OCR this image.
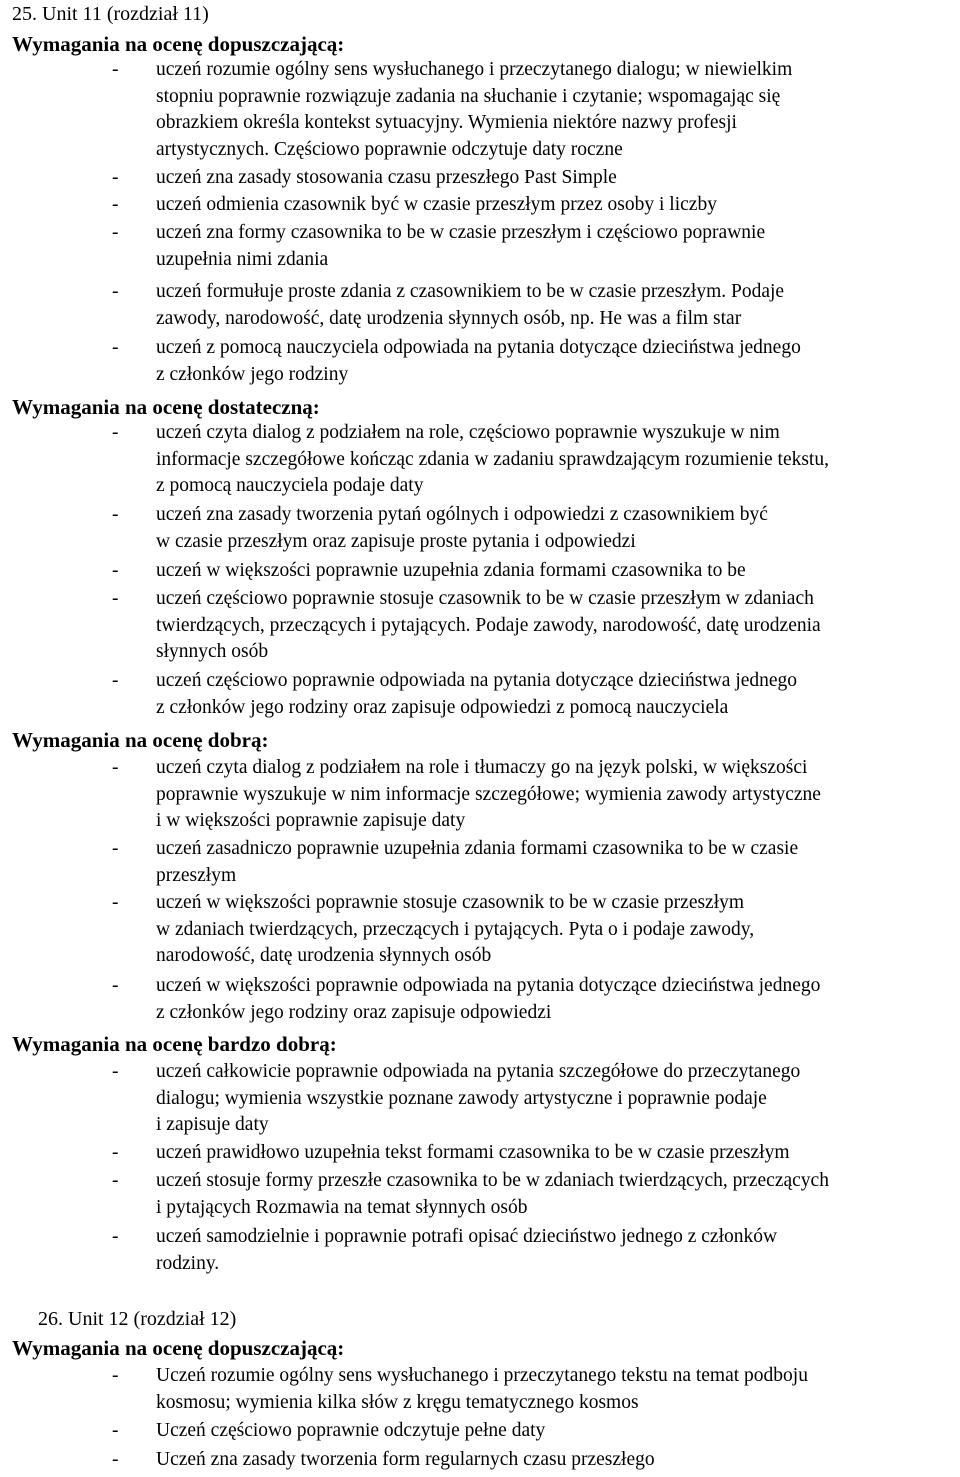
25. Unit 11 (rozdział 11)
Wymagania na ocenę dopuszczającą:
- uczeń rozumie ogólny sens wysłuchanego i przeczytanego dialogu; w niewielkim
stopniu poprawnie rozwiązuje zadania na słuchanie i czytanie; wspomagając się
obrazkiem określa kontekst sytuacyjny. Wymienia niektóre nazwy profesji
artystycznych. Częściowo poprawnie odczytuje daty roczne
- uczeń zna zasady stosowania czasu przeszłego Past Simple
- uczeń odmienia czasownik być w czasie przeszłym przez osoby i liczby
- uczeń zna formy czasownika to be w czasie przeszłym i częściowo poprawnie
uzupełnia nimi zdania
- uczeń formułuje proste zdania z czasownikiem to be w czasie przeszłym. Podaje
zawody, narodowość, datę urodzenia słynnych osób, np. He was a film star
- uczeń z pomocą nauczyciela odpowiada na pytania dotyczące dzieciństwa jednego
z członków jego rodziny
Wymagania na ocenę dostateczną:
- uczeń czyta dialog z podziałem na role, częściowo poprawnie wyszukuje w nim
informacje szczegółowe kończąc zdania w zadaniu sprawdzającym rozumienie tekstu,
z pomocą nauczyciela podaje daty
- uczeń zna zasady tworzenia pytań ogólnych i odpowiedzi z czasownikiem być
w czasie przeszłym oraz zapisuje proste pytania i odpowiedzi
- uczeń w większości poprawnie uzupełnia zdania formami czasownika to be
- uczeń częściowo poprawnie stosuje czasownik to be w czasie przeszłym w zdaniach
twierdzących, przeczących i pytających. Podaje zawody, narodowość, datę urodzenia
słynnych osób
- uczeń częściowo poprawnie odpowiada na pytania dotyczące dzieciństwa jednego
z członków jego rodziny oraz zapisuje odpowiedzi z pomocą nauczyciela
Wymagania na ocenę dobrą:
- uczeń czyta dialog z podziałem na role i tłumaczy go na język polski, w większości
poprawnie wyszukuje w nim informacje szczegółowe; wymienia zawody artystyczne
i w większości poprawnie zapisuje daty
- uczeń zasadniczo poprawnie uzupełnia zdania formami czasownika to be w czasie
przeszłym
- uczeń w większości poprawnie stosuje czasownik to be w czasie przeszłym
w zdaniach twierdzących, przeczących i pytających. Pyta o i podaje zawody,
narodowość, datę urodzenia słynnych osób
- uczeń w większości poprawnie odpowiada na pytania dotyczące dzieciństwa jednego
z członków jego rodziny oraz zapisuje odpowiedzi
Wymagania na ocenę bardzo dobrą:
- uczeń całkowicie poprawnie odpowiada na pytania szczegółowe do przeczytanego
dialogu; wymienia wszystkie poznane zawody artystyczne i poprawnie podaje
i zapisuje daty
- uczeń prawidłowo uzupełnia tekst formami czasownika to be w czasie przeszłym
- uczeń stosuje formy przeszłe czasownika to be w zdaniach twierdzących, przeczących
i pytających Rozmawia na temat słynnych osób
- uczeń samodzielnie i poprawnie potrafi opisać dzieciństwo jednego z członków
rodziny.
26. Unit 12 (rozdział 12)
Wymagania na ocenę dopuszczającą:
- Uczeń rozumie ogólny sens wysłuchanego i przeczytanego tekstu na temat podboju
kosmosu; wymienia kilka słów z kręgu tematycznego kosmos
- Uczeń częściowo poprawnie odczytuje pełne daty
- Uczeń zna zasady tworzenia form regularnych czasu przeszłego
